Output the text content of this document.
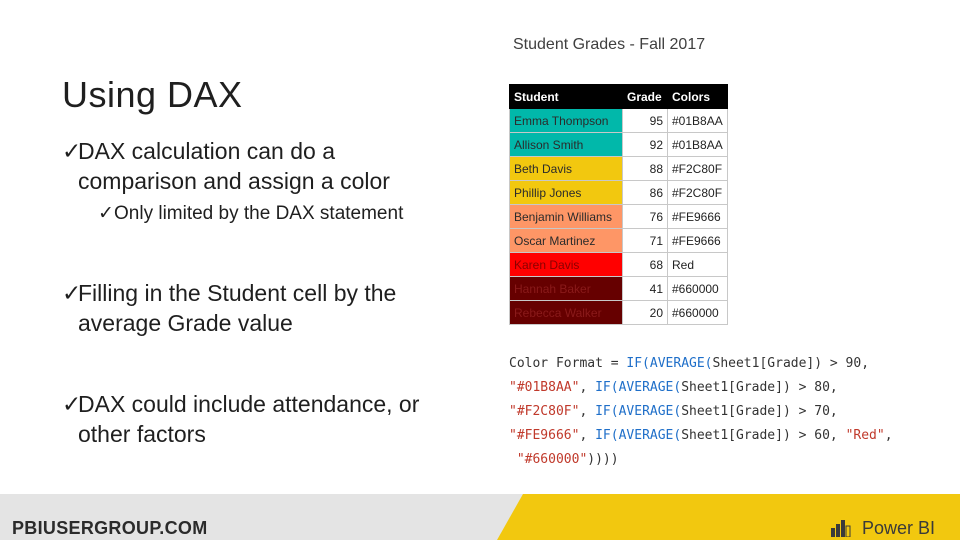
Using DAX
✓
DAX calculation can do a
comparison and assign a color
✓ Only limited by the DAX statement
✓
Filling in the Student cell by the
average Grade value
✓
DAX could include attendance, or
other factors
Student Grades - Fall 2017
Student	Grade	Colors
Emma Thompson	95	#01B8AA
Allison Smith	92	#01B8AA
Beth Davis	88	#F2C80F
Phillip Jones	86	#F2C80F
Benjamin Williams	76	#FE9666
Oscar Martinez	71	#FE9666
Karen Davis	68	Red
Hannah Baker	41	#660000
Rebecca Walker	20	#660000
Color Format = IF(AVERAGE(Sheet1[Grade]) > 90,
"#01B8AA", IF(AVERAGE(Sheet1[Grade]) > 80,
"#F2C80F", IF(AVERAGE(Sheet1[Grade]) > 70,
"#FE9666", IF(AVERAGE(Sheet1[Grade]) > 60, "Red",
"#660000"))))
PBIUSERGROUP.COM	Power BI
